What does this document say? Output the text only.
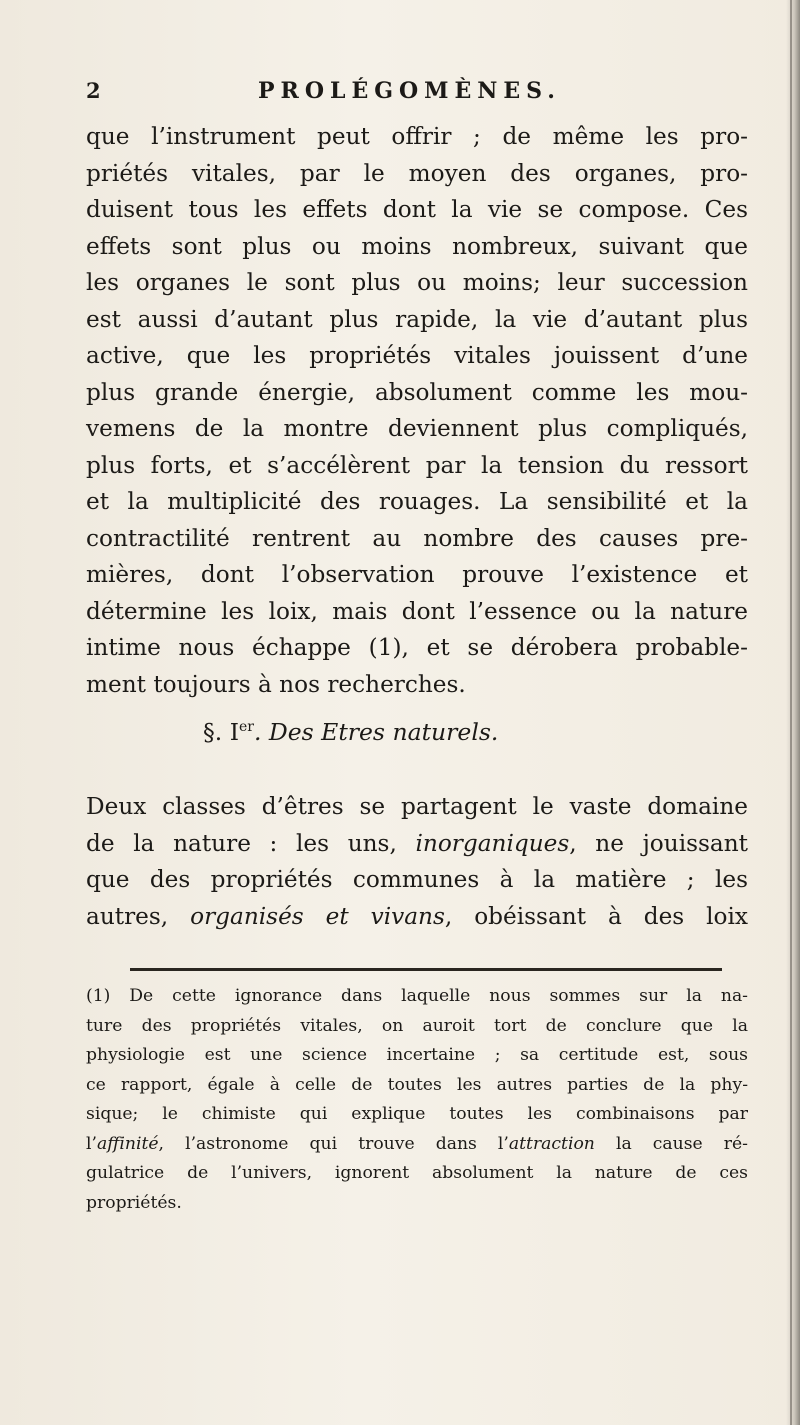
2	PROLÉGOMÈNES.
que l’instrument peut offrir ; de même les pro-
priétés vitales, par le moyen des organes, pro-
duisent tous les effets dont la vie se compose. Ces
effets sont plus ou moins nombreux, suivant que
les organes le sont plus ou moins; leur succession
est aussi d’autant plus rapide, la vie d’autant plus
active, que les propriétés vitales jouissent d’une
plus grande énergie, absolument comme les mou-
vemens de la montre deviennent plus compliqués,
plus forts, et s’accélèrent par la tension du ressort
et la multiplicité des rouages. La sensibilité et la
contractilité rentrent au nombre des causes pre-
mières, dont l’observation prouve l’existence et
détermine les loix, mais dont l’essence ou la nature
intime nous échappe (1), et se dérobera probable-
ment toujours à nos recherches.
§. Ier. Des Etres naturels.
Deux classes d’êtres se partagent le vaste domaine
de la nature : les uns, inorganiques, ne jouissant
que des propriétés communes à la matière ; les
autres, organisés et vivans, obéissant à des loix
(1) De cette ignorance dans laquelle nous sommes sur la na-
ture des propriétés vitales, on auroit tort de conclure que la
physiologie est une science incertaine ; sa certitude est, sous
ce rapport, égale à celle de toutes les autres parties de la phy-
sique; le chimiste qui explique toutes les combinaisons par
l’affinité, l’astronome qui trouve dans l’attraction la cause ré-
gulatrice de l’univers, ignorent absolument la nature de ces
propriétés.
